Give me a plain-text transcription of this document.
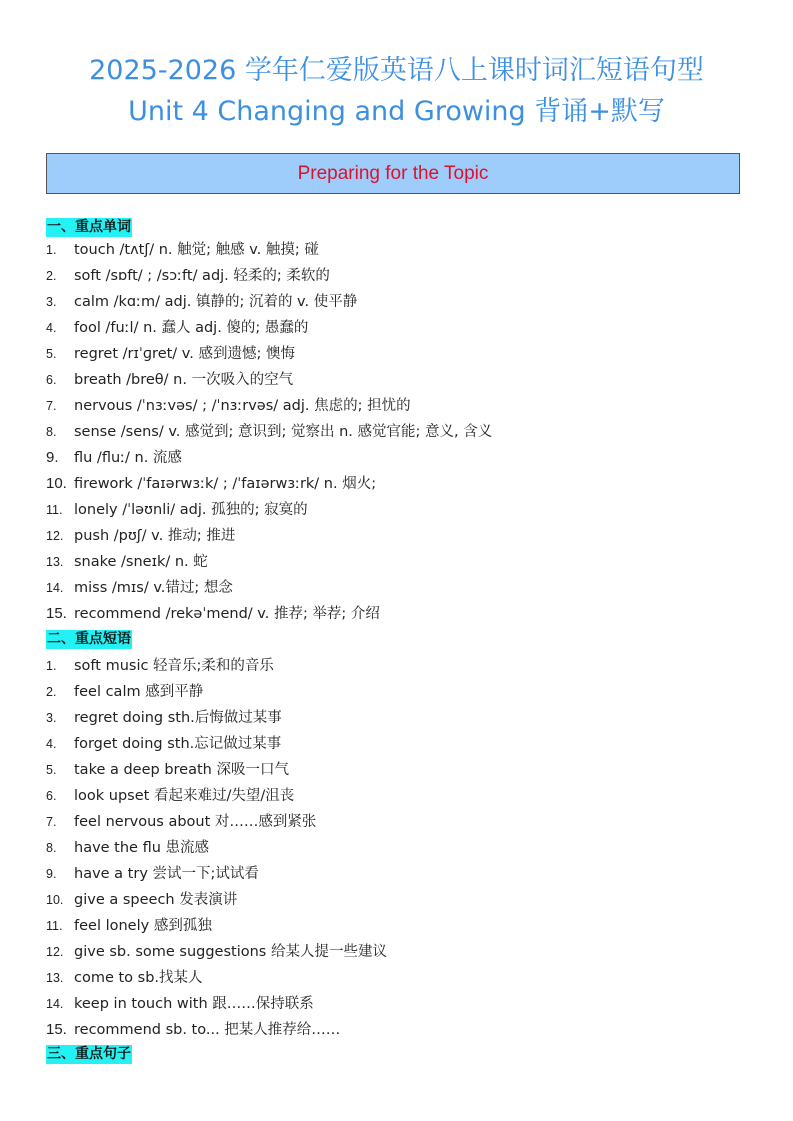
2025-2026 学年仁爱版英语八上课时词汇短语句型
Unit 4 Changing and Growing 背诵+默写
Preparing for the Topic
一、重点单词
1. touch /tʌtʃ/ n. 触觉; 触感 v. 触摸; 碰
2. soft /sɒft/ ; /sɔːft/ adj. 轻柔的; 柔软的
3. calm /kɑːm/ adj. 镇静的; 沉着的 v. 使平静
4. fool /fuːl/ n. 蠢人 adj. 傻的; 愚蠢的
5. regret /rɪˈɡret/ v. 感到遗憾; 懊悔
6. breath /breθ/ n. 一次吸入的空气
7. nervous /ˈnɜːvəs/ ; /ˈnɜːrvəs/ adj. 焦虑的; 担忧的
8. sense /sens/ v. 感觉到; 意识到; 觉察出 n. 感觉官能; 意义, 含义
9. flu /fluː/ n. 流感
10. firework /ˈfaɪərwɜːk/ ; /ˈfaɪərwɜːrk/ n. 烟火;
11. lonely /ˈləʊnli/ adj. 孤独的; 寂寞的
12. push /pʊʃ/ v. 推动; 推进
13. snake /sneɪk/ n. 蛇
14. miss /mɪs/ v.错过; 想念
15. recommend /rekəˈmend/ v. 推荐; 举荐; 介绍
二、重点短语
1. soft music 轻音乐;柔和的音乐
2. feel calm 感到平静
3. regret doing sth.后悔做过某事
4. forget doing sth.忘记做过某事
5. take a deep breath 深吸一口气
6. look upset 看起来难过/失望/沮丧
7. feel nervous about 对……感到紧张
8. have the flu 患流感
9. have a try 尝试一下;试试看
10. give a speech 发表演讲
11. feel lonely 感到孤独
12. give sb. some suggestions 给某人提一些建议
13. come to sb.找某人
14. keep in touch with 跟……保持联系
15. recommend sb. to... 把某人推荐给……
三、重点句子
